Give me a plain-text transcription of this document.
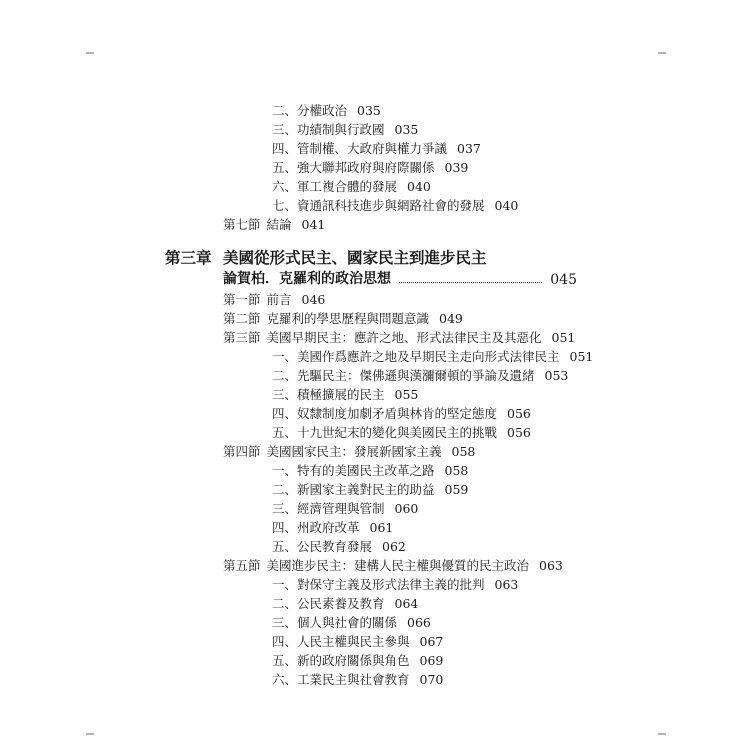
二、分權政治 035
三、功績制與行政國 035
四、管制權、大政府與權力爭議 037
五、強大聯邦政府與府際關係 039
六、軍工複合體的發展 040
七、資通訊科技進步與網路社會的發展 040
第七節 結論 041
第三章 美國從形式民主、國家民主到進步民主
論賀柏．克羅利的政治思想	045
第一節 前言 046
第二節 克羅利的學思歷程與問題意識 049
第三節 美國早期民主：應許之地、形式法律民主及其惡化 051
一、美國作爲應許之地及早期民主走向形式法律民主 051
二、先驅民主：傑佛遜與漢瀰爾頓的爭論及遺緒 053
三、積極擴展的民主 055
四、奴隸制度加劇矛盾與林肯的堅定態度 056
五、十九世紀末的變化與美國民主的挑戰 056
第四節 美國國家民主：發展新國家主義 058
一、特有的美國民主改革之路 058
二、新國家主義對民主的助益 059
三、經濟管理與管制 060
四、州政府改革 061
五、公民教育發展 062
第五節 美國進步民主：建構人民主權與優質的民主政治 063
一、對保守主義及形式法律主義的批判 063
二、公民素養及教育 064
三、個人與社會的關係 066
四、人民主權與民主參與 067
五、新的政府關係與角色 069
六、工業民主與社會教育 070
